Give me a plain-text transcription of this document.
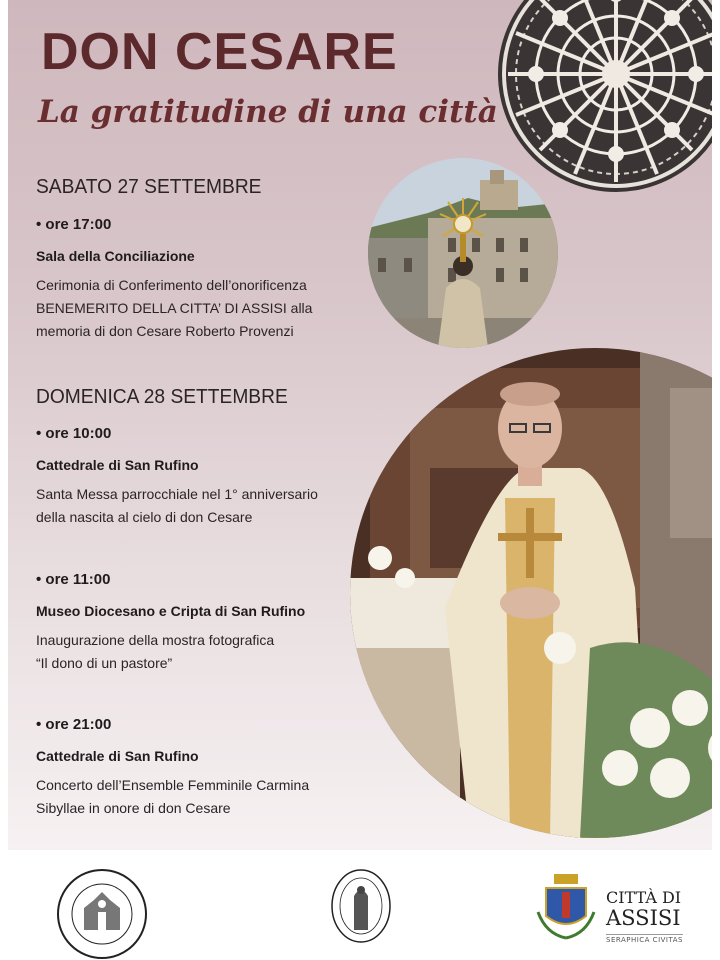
DON CESARE
La gratitudine di una città

SABATO 27 SETTEMBRE

• ore 17:00

Sala della Conciliazione

Cerimonia di Conferimento dell’onorificenza
BENEMERITO DELLA CITTA’ DI ASSISI alla
memoria di don Cesare Roberto Provenzi

DOMENICA 28 SETTEMBRE

• ore 10:00

Cattedrale di San Rufino

Santa Messa parrocchiale nel 1° anniversario
della nascita al cielo di don Cesare

• ore 11:00

Museo Diocesano e Cripta di San Rufino

Inaugurazione della mostra fotografica
“Il dono di un pastore”

• ore 21:00

Cattedrale di San Rufino

Concerto dell’Ensemble Femminile Carmina
Sibyllae in onore di don Cesare

CITTÀ DI

ASSISI

SERAPHICA CIVITAS
